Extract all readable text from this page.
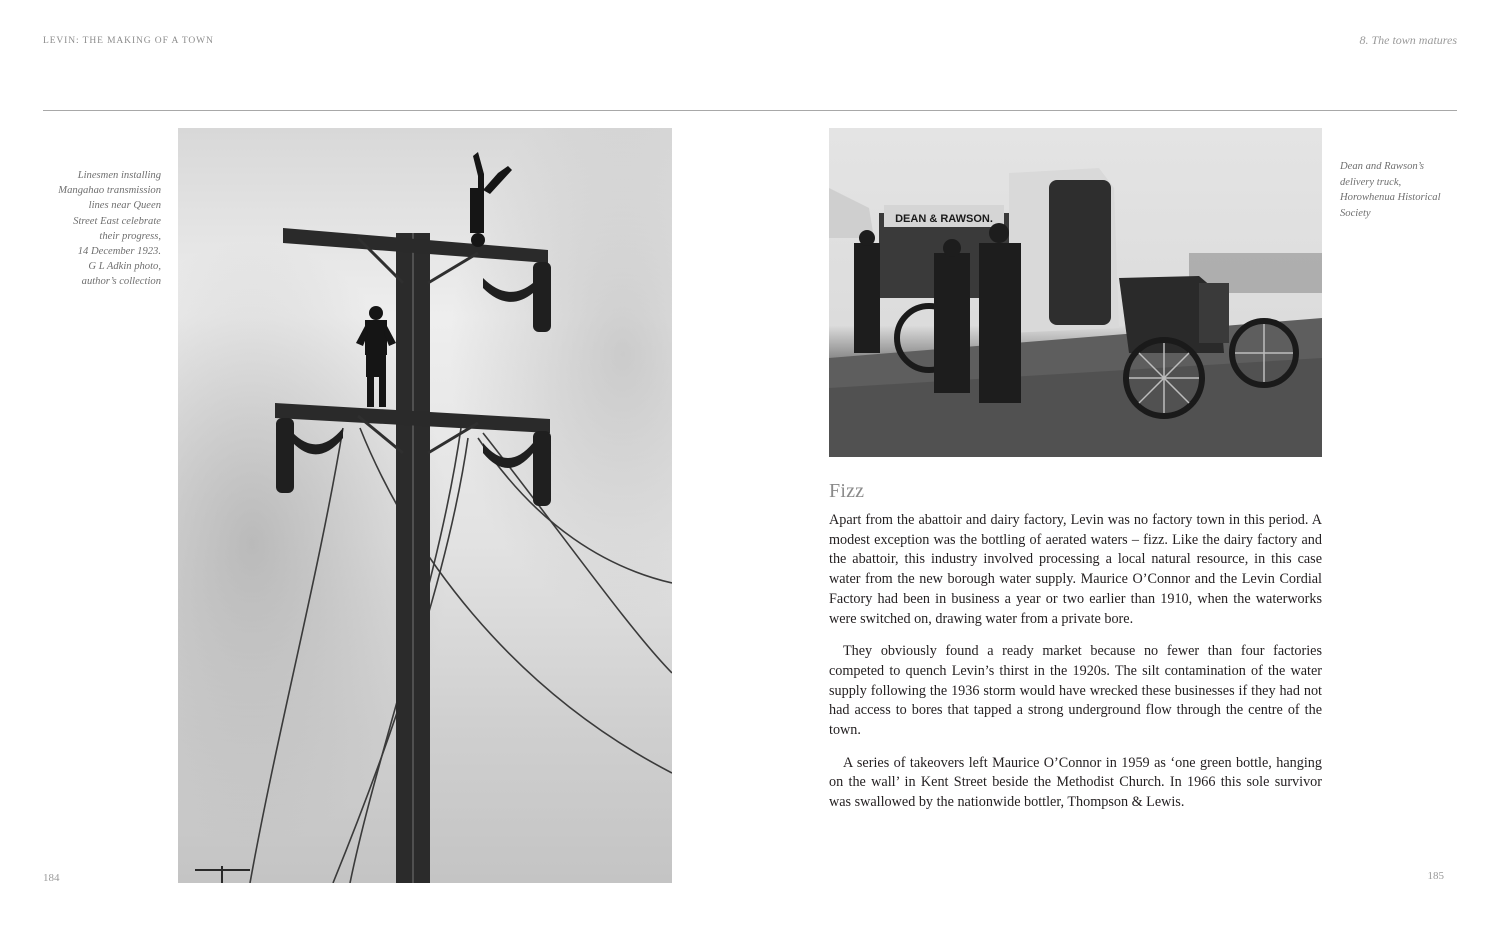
LEVIN: THE MAKING OF A TOWN
Linesmen installing
Mangahao transmission
lines near Queen
Street East celebrate
their progress,
14 December 1923.
G L Adkin photo,
author’s collection
184
8. The town matures
DEAN & RAWSON.
Dean and Rawson’s
delivery truck,
Horowhenua Historical
Society
Fizz

Apart from the abattoir and dairy factory, Levin was no factory town in this period. A modest exception was the bottling of aerated waters – fizz. Like the dairy factory and the abattoir, this industry involved processing a local natural resource, in this case water from the new borough water supply. Maurice O’Connor and the Levin Cordial Factory had been in business a year or two earlier than 1910, when the waterworks were switched on, drawing water from a private bore.

They obviously found a ready market because no fewer than four factories competed to quench Levin’s thirst in the 1920s. The silt contamination of the water supply following the 1936 storm would have wrecked these businesses if they had not had access to bores that tapped a strong underground flow through the centre of the town.

A series of takeovers left Maurice O’Connor in 1959 as ‘one green bottle, hanging on the wall’ in Kent Street beside the Methodist Church. In 1966 this sole survivor was swallowed by the nationwide bottler, Thompson & Lewis.

185
